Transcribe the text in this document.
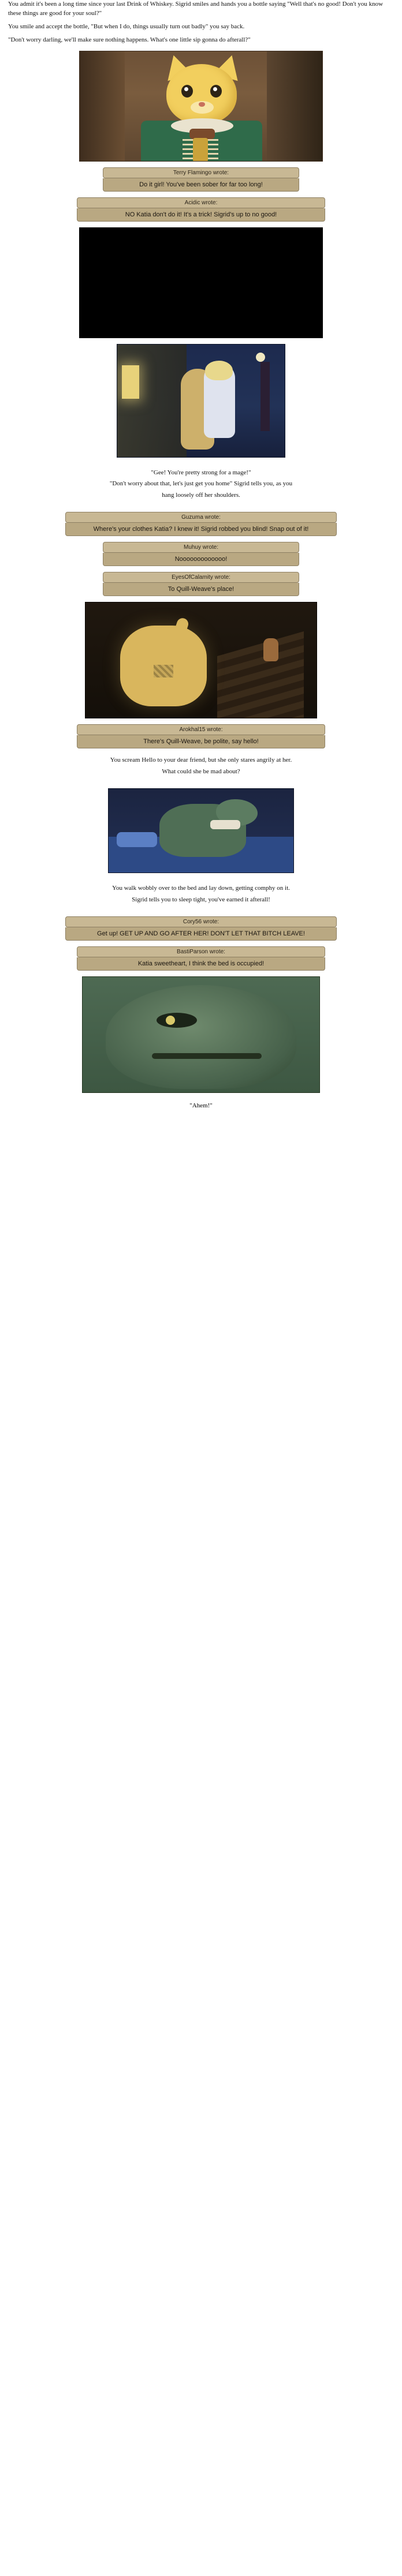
You admit it's been a long time since your last Drink of Whiskey. Sigrid smiles and hands you a bottle saying "Well that's no good! Don't you know these things are good for your soul?"

You smile and accept the bottle, "But when I do, things usually turn out badly" you say back.

"Don't worry darling, we'll make sure nothing happens. What's one little sip gonna do afterall?"

Terry Flamingo wrote:
Do it girl! You've been sober for far too long!
Acidic wrote:
NO Katia don't do it! It's a trick! Sigrid's up to no good!

"Gee! You're pretty strong for a mage!"

"Don't worry about that, let's just get you home" Sigrid tells you, as you

hang loosely off her shoulders.

Guzuma wrote:
Where's your clothes Katia? I knew it! Sigrid robbed you blind! Snap out of it!
Muhuy wrote:
Nooooooooooooo!
EyesOfCalamity wrote:
To Quill-Weave's place!
Arokhal15 wrote:
There's Quill-Weave, be polite, say hello!

You scream Hello to your dear friend, but she only stares angrily at her.

What could she be mad about?

You walk wobbly over to the bed and lay down, getting comphy on it.

Sigrid tells you to sleep tight, you've earned it afterall!

Cory56 wrote:
Get up! GET UP AND GO AFTER HER! DON'T LET THAT BITCH LEAVE!
BastiParson wrote:
Katia sweetheart, I think the bed is occupied!
"Ahem!"
